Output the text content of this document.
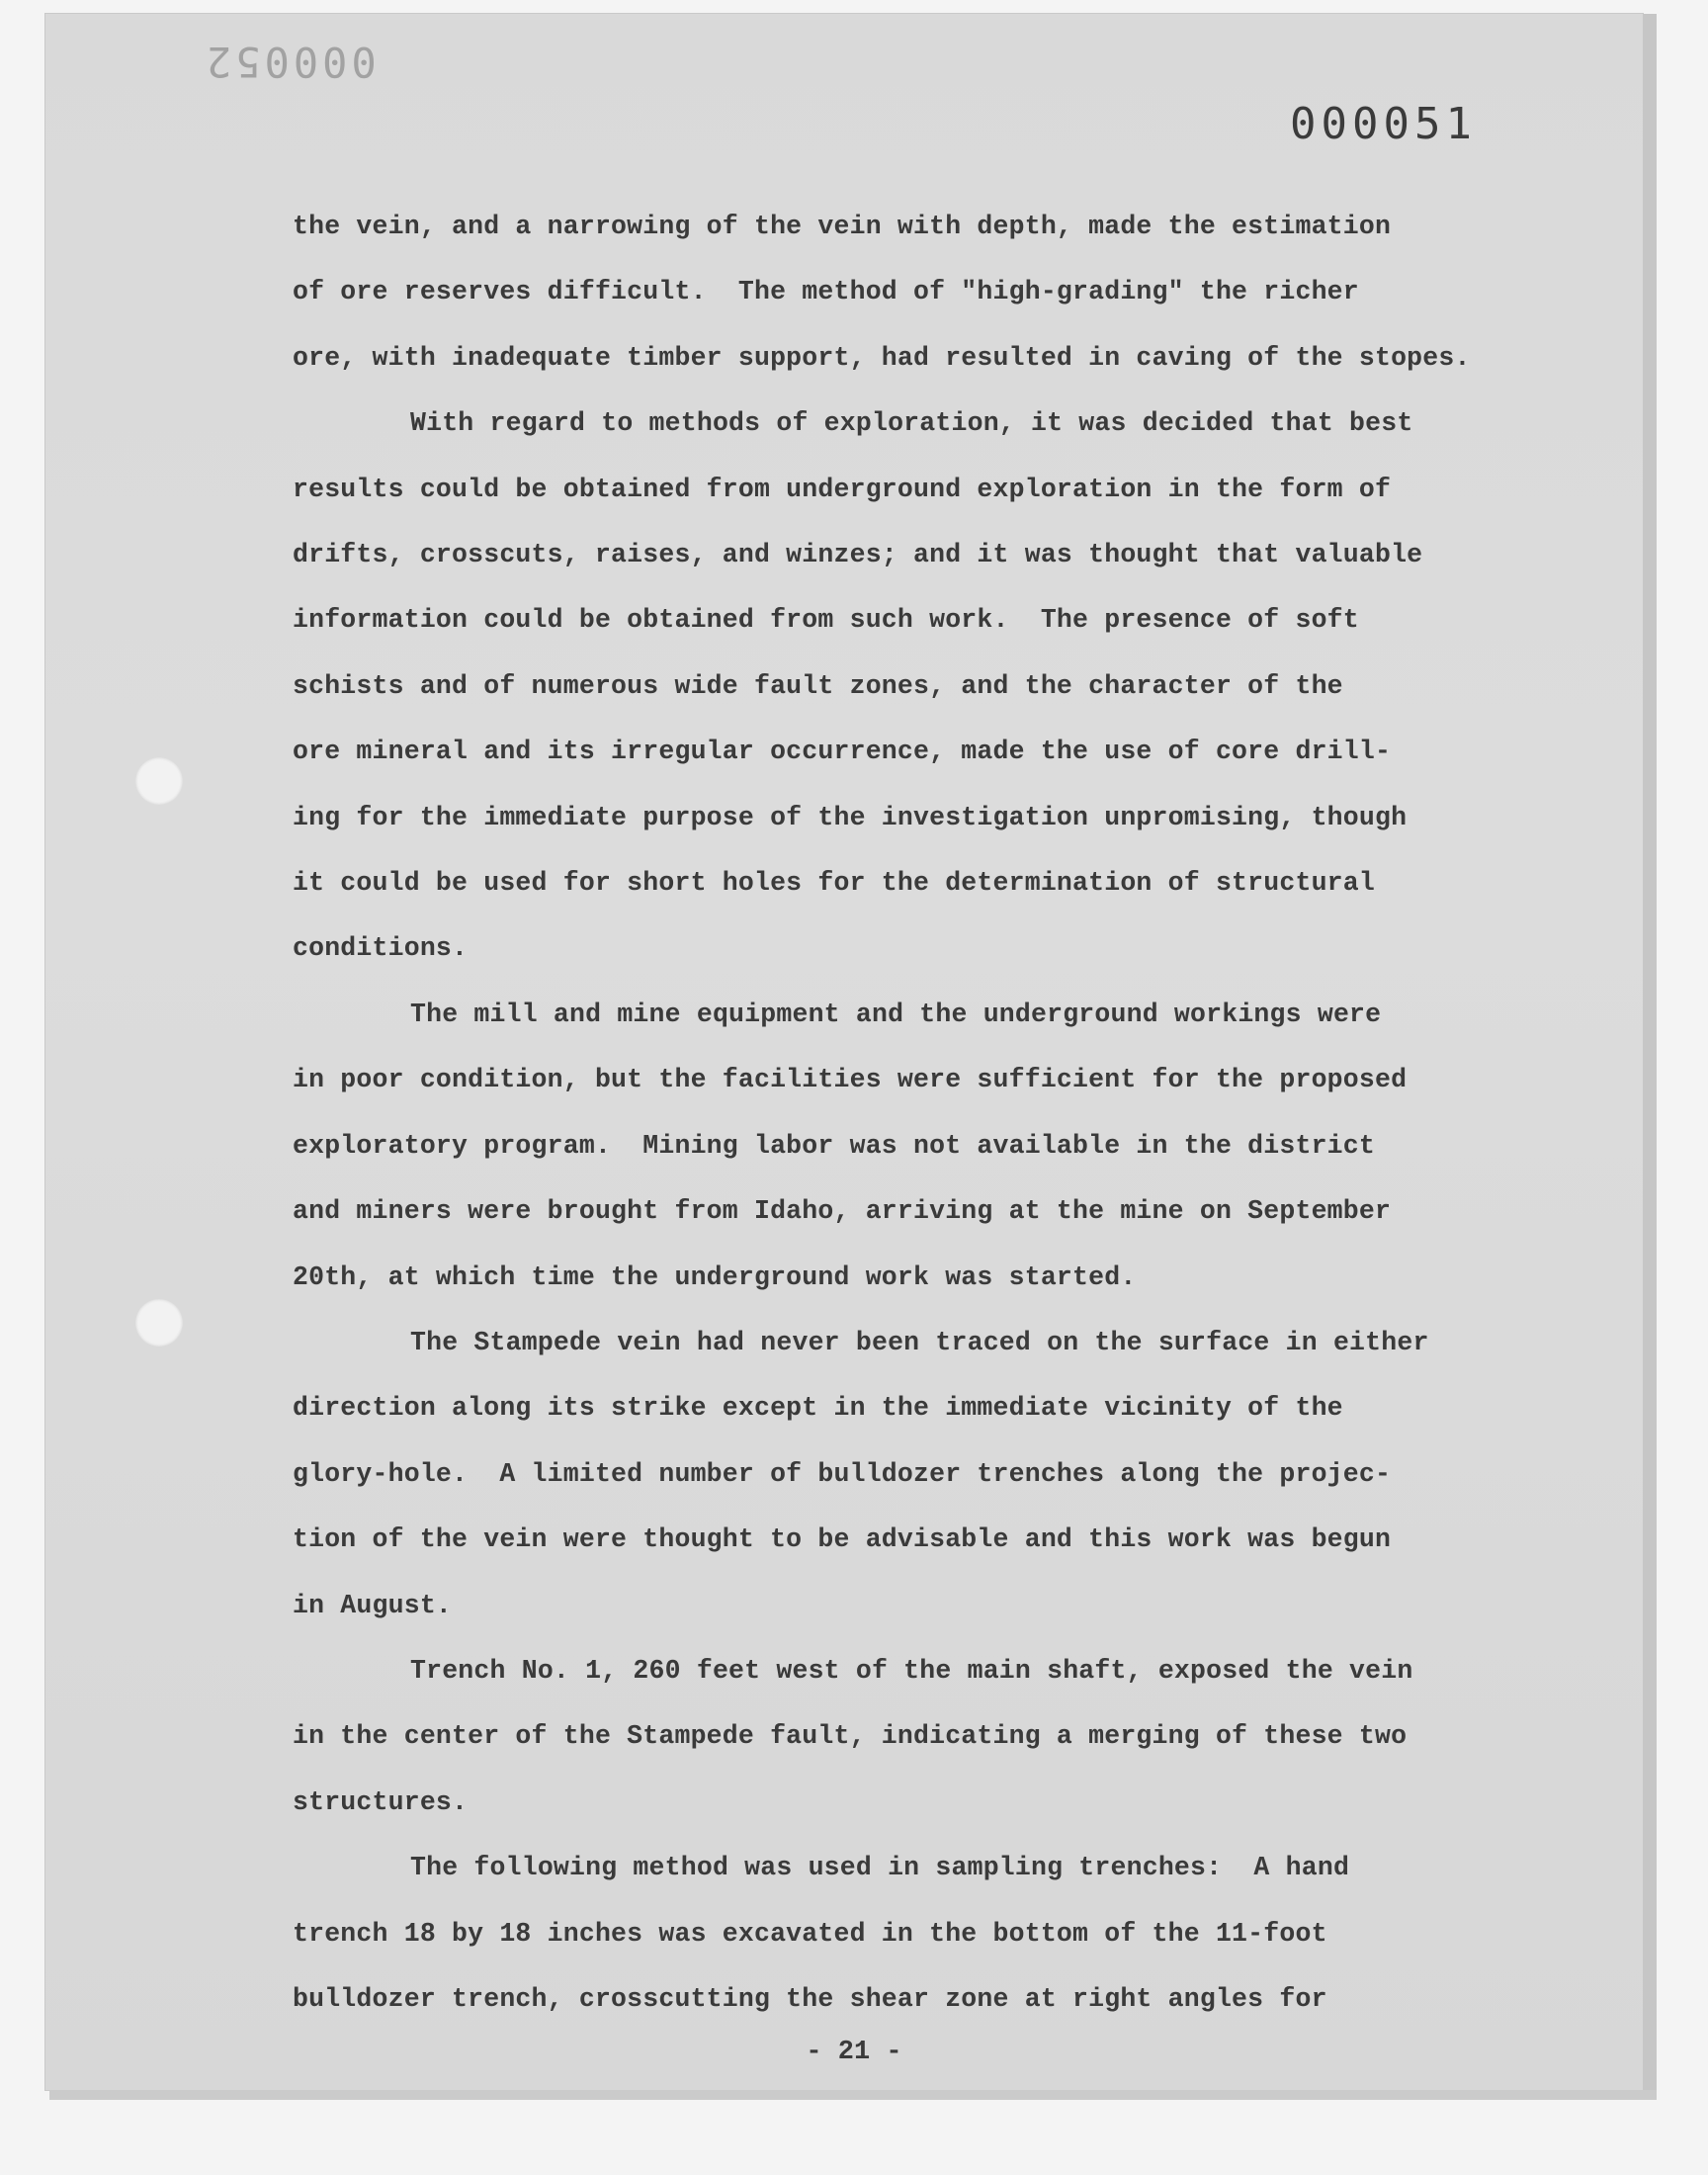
000052
000051
the vein, and a narrowing of the vein with depth, made the estimation
of ore reserves difficult.  The method of "high-grading" the richer
ore, with inadequate timber support, had resulted in caving of the stopes.
With regard to methods of exploration, it was decided that best
results could be obtained from underground exploration in the form of
drifts, crosscuts, raises, and winzes; and it was thought that valuable
information could be obtained from such work.  The presence of soft
schists and of numerous wide fault zones, and the character of the
ore mineral and its irregular occurrence, made the use of core drill-
ing for the immediate purpose of the investigation unpromising, though
it could be used for short holes for the determination of structural
conditions.
The mill and mine equipment and the underground workings were
in poor condition, but the facilities were sufficient for the proposed
exploratory program.  Mining labor was not available in the district
and miners were brought from Idaho, arriving at the mine on September
20th, at which time the underground work was started.
The Stampede vein had never been traced on the surface in either
direction along its strike except in the immediate vicinity of the
glory-hole.  A limited number of bulldozer trenches along the projec-
tion of the vein were thought to be advisable and this work was begun
in August.
Trench No. 1, 260 feet west of the main shaft, exposed the vein
in the center of the Stampede fault, indicating a merging of these two
structures.
The following method was used in sampling trenches:  A hand
trench 18 by 18 inches was excavated in the bottom of the 11-foot
bulldozer trench, crosscutting the shear zone at right angles for
- 21 -
